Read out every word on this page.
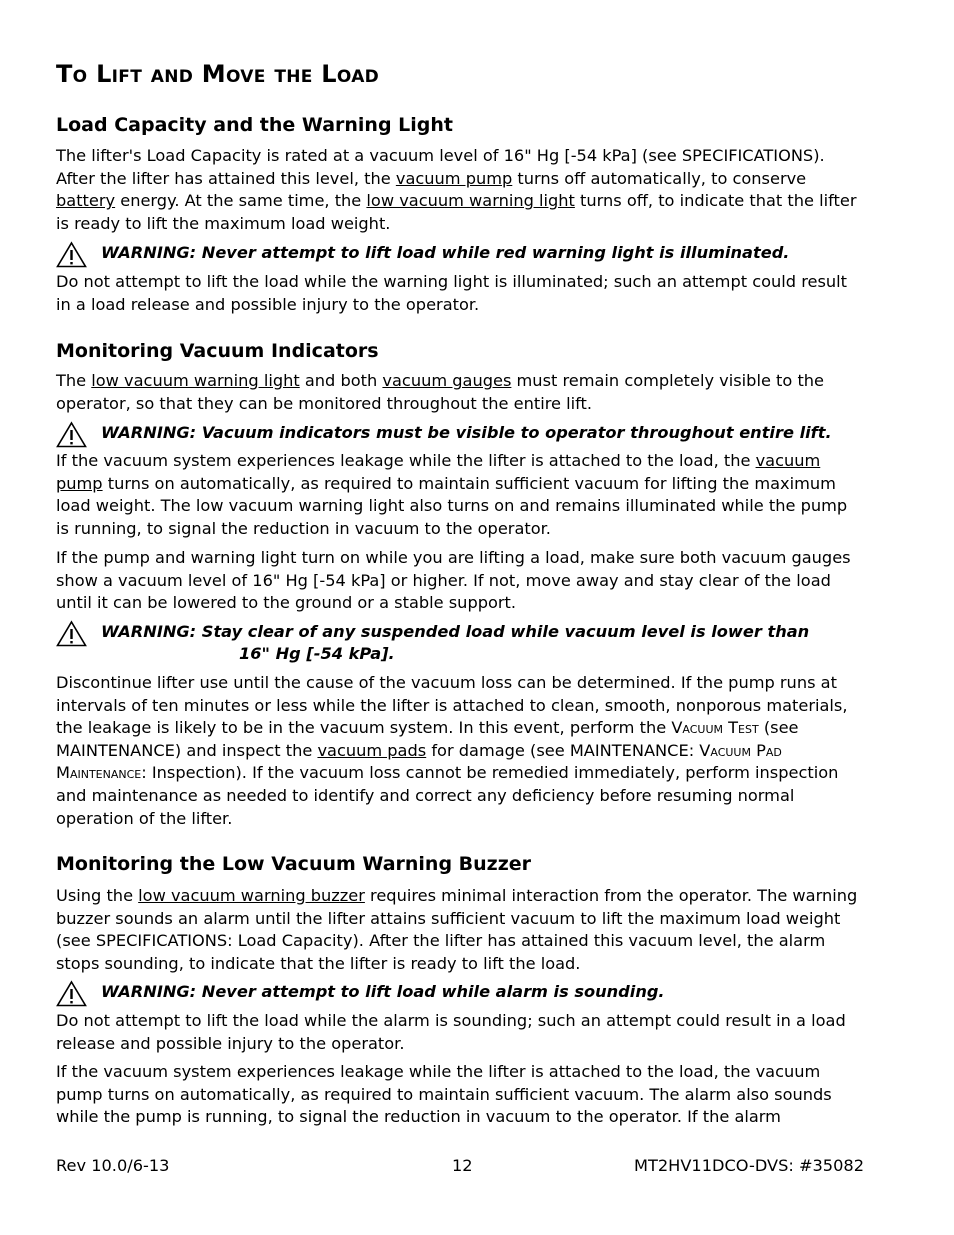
To Lift and Move the Load
Load Capacity and the Warning Light

The lifter's Load Capacity is rated at a vacuum level of 16" Hg [-54 kPa] (see SPECIFICATIONS). After the lifter has attained this level, the vacuum pump turns off automatically, to conserve battery energy. At the same time, the low vacuum warning light turns off, to indicate that the lifter is ready to lift the maximum load weight.

WARNING: Never attempt to lift load while red warning light is illuminated.

Do not attempt to lift the load while the warning light is illuminated; such an attempt could result in a load release and possible injury to the operator.

Monitoring Vacuum Indicators

The low vacuum warning light and both vacuum gauges must remain completely visible to the operator, so that they can be monitored throughout the entire lift.

WARNING: Vacuum indicators must be visible to operator throughout entire lift.

If the vacuum system experiences leakage while the lifter is attached to the load, the vacuum pump turns on automatically, as required to maintain sufficient vacuum for lifting the maximum load weight. The low vacuum warning light also turns on and remains illuminated while the pump is running, to signal the reduction in vacuum to the operator.

If the pump and warning light turn on while you are lifting a load, make sure both vacuum gauges show a vacuum level of 16" Hg [-54 kPa] or higher. If not, move away and stay clear of the load until it can be lowered to the ground or a stable support.

WARNING: Stay clear of any suspended load while vacuum level is lower than
16" Hg [-54 kPa].

Discontinue lifter use until the cause of the vacuum loss can be determined. If the pump runs at intervals of ten minutes or less while the lifter is attached to clean, smooth, nonporous materials, the leakage is likely to be in the vacuum system. In this event, perform the Vacuum Test (see MAINTENANCE) and inspect the vacuum pads for damage (see MAINTENANCE: Vacuum Pad Maintenance: Inspection). If the vacuum loss cannot be remedied immediately, perform inspection and maintenance as needed to identify and correct any deficiency before resuming normal operation of the lifter.

Monitoring the Low Vacuum Warning Buzzer

Using the low vacuum warning buzzer requires minimal interaction from the operator. The warning buzzer sounds an alarm until the lifter attains sufficient vacuum to lift the maximum load weight (see SPECIFICATIONS: Load Capacity). After the lifter has attained this vacuum level, the alarm stops sounding, to indicate that the lifter is ready to lift the load.

WARNING: Never attempt to lift load while alarm is sounding.

Do not attempt to lift the load while the alarm is sounding; such an attempt could result in a load release and possible injury to the operator.

If the vacuum system experiences leakage while the lifter is attached to the load, the vacuum pump turns on automatically, as required to maintain sufficient vacuum. The alarm also sounds while the pump is running, to signal the reduction in vacuum to the operator. If the alarm

Rev 10.0/6-13	12	MT2HV11DCO-DVS: #35082
